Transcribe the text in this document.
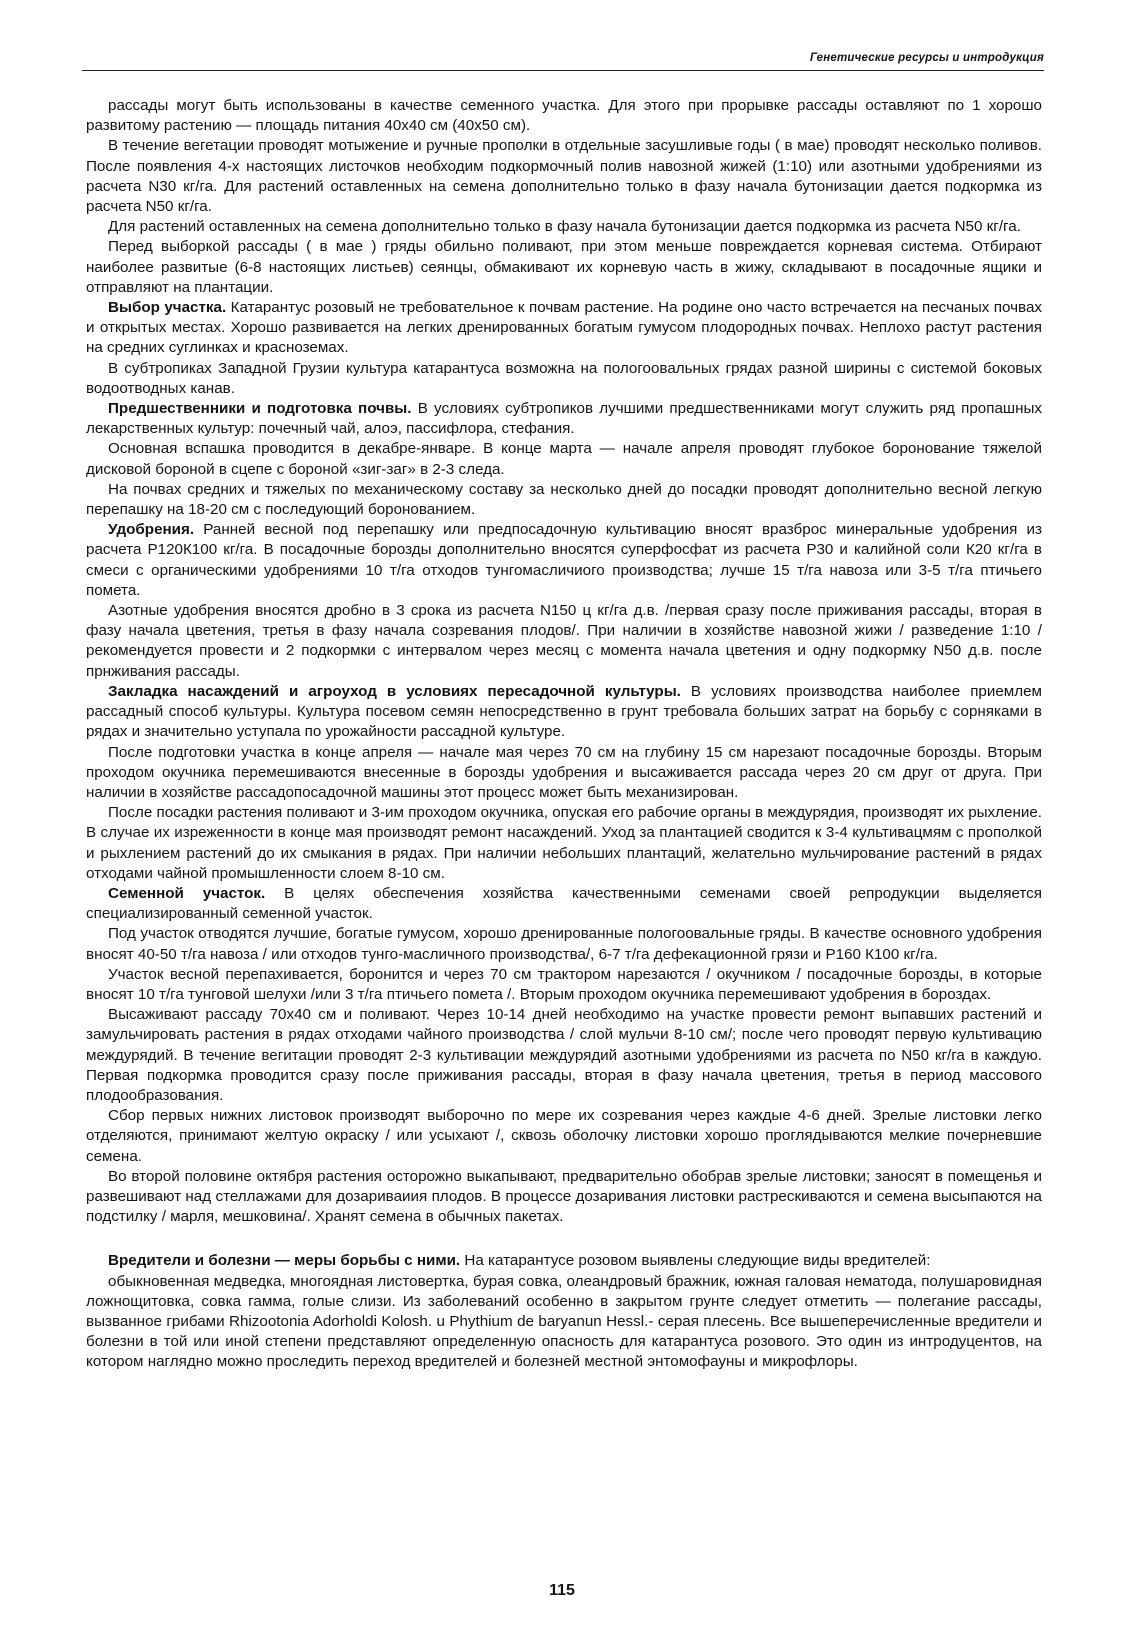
Генетические ресурсы и интродукция

рассады могут быть использованы в качестве семенного участка. Для этого при прорывке рассады оставляют по 1 хорошо развитому растению — площадь питания 40х40 см (40х50 см).

В течение вегетации проводят мотыжение и ручные прополки в отдельные засушливые годы ( в мае) проводят несколько поливов. После появления 4-х настоящих листочков необходим подкормочный полив навозной жижей (1:10) или азотными удобрениями из расчета N30 кг/га. Для растений оставленных на семена дополнительно только в фазу начала бутонизации дается подкормка из расчета N50 кг/га.

Для растений оставленных на семена дополнительно только в фазу начала бутонизации дается подкормка из расчета N50 кг/га.

Перед выборкой рассады ( в мае ) гряды обильно поливают, при этом меньше повреждается корневая система. Отбирают наиболее развитые (6-8 настоящих листьев) сеянцы, обмакивают их корневую часть в жижу, складывают в посадочные ящики и отправляют на плантации.

Выбор участка. Катарантус розовый не требовательное к почвам растение. На родине оно часто встречается на песчаных почвах и открытых местах. Хорошо развивается на легких дренированных богатым гумусом плодородных почвах. Неплохо растут растения на средних суглинках и красноземах.

В субтропиках Западной Грузии культура катарантуса возможна на пологоовальных грядах разной ширины с системой боковых водоотводных канав.

Предшественники и подготовка почвы. В условиях субтропиков лучшими предшественниками могут служить ряд пропашных лекарственных культур: почечный чай, алоэ, пассифлора, стефания.

Основная вспашка проводится в декабре-январе. В конце марта — начале апреля проводят глубокое боронование тяжелой дисковой бороной в сцепе с бороной «зиг-заг» в 2-3 следа.

На почвах средних и тяжелых по механическому составу за несколько дней до посадки проводят дополнительно весной легкую перепашку на 18-20 см с последующий боронованием.

Удобрения. Ранней весной под перепашку или предпосадочную культивацию вносят вразброс минеральные удобрения из расчета Р120К100 кг/га. В посадочные борозды дополнительно вносятся суперфосфат из расчета Р30 и калийной соли К20 кг/га в смеси с органическими удобрениями 10 т/га отходов тунгомасличиого производства; лучше 15 т/га навоза или 3-5 т/га птичьего помета.

Азотные удобрения вносятся дробно в 3 срока из расчета N150 ц кг/га д.в. /первая сразу после приживания рассады, вторая в фазу начала цветения, третья в фазу начала созревания плодов/. При наличии в хозяйстве навозной жижи / разведение 1:10 / рекомендуется провести и 2 подкормки с интервалом через месяц с момента начала цветения и одну подкормку N50 д.в. после прнживания рассады.

Закладка насаждений и агроуход в условиях пересадочной культуры. В условиях производства наиболее приемлем рассадный способ культуры. Культура посевом семян непосредственно в грунт требовала больших затрат на борьбу с сорняками в рядах и значительно уступала по урожайности рассадной культуре.

После подготовки участка в конце апреля — начале мая через 70 см на глубину 15 см нарезают посадочные борозды. Вторым проходом окучника перемешиваются внесенные в борозды удобрения и высаживается рассада через 20 см друг от друга. При наличии в хозяйстве рассадопосадочной машины этот процесс может быть механизирован.

После посадки растения поливают и 3-им проходом окучника, опуская его рабочие органы в междурядия, производят их рыхление. В случае их изреженности в конце мая производят ремонт насаждений. Уход за плантацией сводится к 3-4 культивацмям с прополкой и рыхлением растений до их смыкания в рядах. При наличии небольших плантаций, желательно мульчирование растений в рядах отходами чайной промышленности слоем 8-10 см.

Семенной участок. В целях обеспечения хозяйства качественными семенами своей репродукции выделяется специализированный семенной участок.

Под участок отводятся лучшие, богатые гумусом, хорошо дренированные пологоовальные гряды. В качестве основного удобрения вносят 40-50 т/га навоза / или отходов тунго-масличного производства/, 6-7 т/га дефекационной грязи и Р160 К100 кг/га.

Участок весной перепахивается, боронится и через 70 см трактором нарезаются / окучником / посадочные борозды, в которые вносят 10 т/га тунговой шелухи /или 3 т/га птичьего помета /. Вторым проходом окучника перемешивают удобрения в бороздах.

Высаживают рассаду 70х40 см и поливают. Через 10-14 дней необходимо на участке провести ремонт выпавших растений и замульчировать растения в рядах отходами чайного производства / слой мульчи 8-10 см/; после чего проводят первую культивацию междурядий. В течение вегитации проводят 2-3 культивации междурядий азотными удобрениями из расчета по N50 кг/га в каждую. Первая подкормка проводится сразу после приживания рассады, вторая в фазу начала цветения, третья в период массового плодообразования.

Сбор первых нижних листовок производят выборочно по мере их созревания через каждые 4-6 дней. Зрелые листовки легко отделяются, принимают желтую окраску / или усыхают /, сквозь оболочку листовки хорошо проглядываются мелкие почерневшие семена.

Во второй половине октября растения осторожно выкапывают, предварительно обобрав зрелые листовки; заносят в помещенья и развешивают над стеллажами для дозариваиия плодов. В процессе дозаривания листовки растрескиваются и семена высыпаются на подстилку / марля, мешковина/. Хранят семена в обычных пакетах.

Вредители и болезни — меры борьбы с ними. На катарантусе розовом выявлены следующие виды вредителей:

обыкновенная медведка, многоядная листовертка, бурая совка, олеандровый бражник, южная галовая нематода, полушаровидная ложнощитовка, совка гамма, голые слизи. Из заболеваний особенно в закрытом грунте следует отметить — полегание рассады, вызванное грибами Rhizootonia Adorholdi Kolosh. u Phythium de baryanun Hessl.- серая плесень. Все вышеперечисленные вредители и болезни в той или иной степени представляют определенную опасность для катарантуса розового. Это один из интродуцентов, на котором наглядно можно проследить переход вредителей и болезней местной энтомофауны и микрофлоры.

115
